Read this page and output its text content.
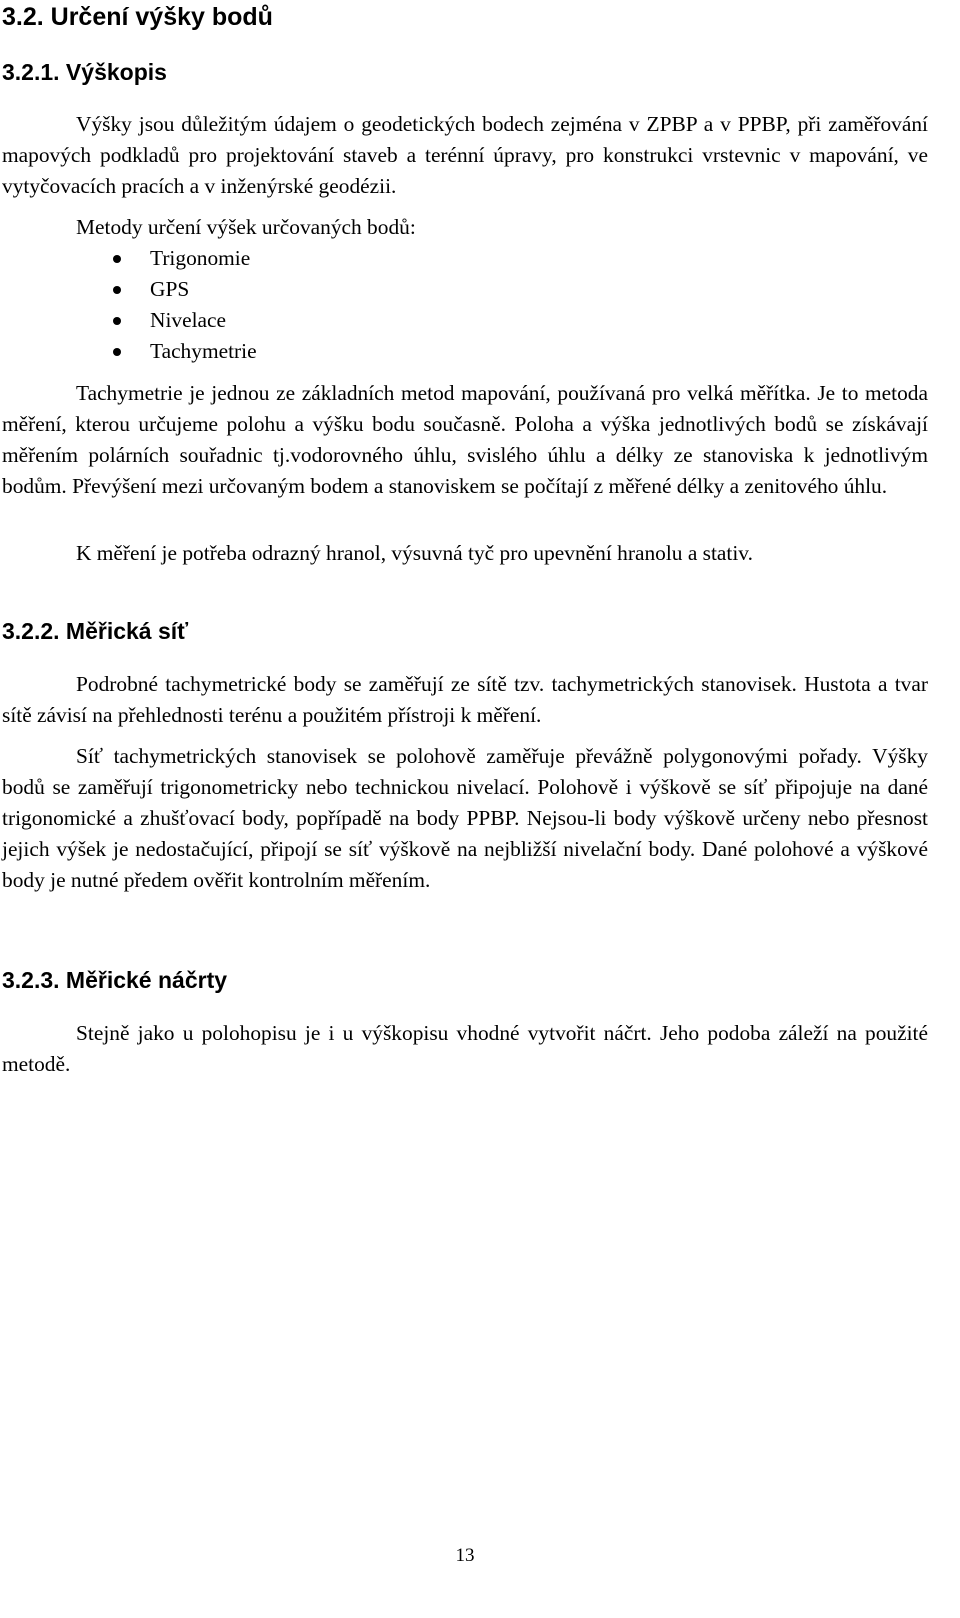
3.2. Určení výšky bodů
3.2.1. Výškopis

Výšky jsou důležitým údajem o geodetických bodech zejména v ZPBP a v PPBP, při zaměřování mapových podkladů pro projektování staveb a terénní úpravy, pro konstrukci vrstevnic v mapování, ve vytyčovacích pracích a v inženýrské geodézii.

Metody určení výšek určovaných bodů:

Trigonomie
GPS
Nivelace
Tachymetrie

Tachymetrie je jednou ze základních metod mapování, používaná pro velká měřítka. Je to metoda měření, kterou určujeme polohu a výšku bodu současně. Poloha a výška jednotlivých bodů se získávají měřením polárních souřadnic tj.vodorovného úhlu, svislého úhlu a délky ze stanoviska k jednotlivým bodům. Převýšení mezi určovaným bodem a stanoviskem se počítají z měřené délky a zenitového úhlu.

K měření je potřeba odrazný hranol, výsuvná tyč pro upevnění hranolu a stativ.

3.2.2. Měřická síť

Podrobné tachymetrické body se zaměřují ze sítě tzv. tachymetrických stanovisek. Hustota a tvar sítě závisí na přehlednosti terénu a použitém přístroji k měření.

Síť tachymetrických stanovisek se polohově zaměřuje převážně polygonovými pořady. Výšky bodů se zaměřují trigonometricky nebo technickou nivelací. Polohově i výškově se síť připojuje na dané trigonomické a zhušťovací body, popřípadě na body PPBP. Nejsou-li body výškově určeny nebo přesnost jejich výšek je nedostačující, připojí se síť výškově na nejbližší nivelační body. Dané polohové a výškové body je nutné předem ověřit kontrolním měřením.

3.2.3. Měřické náčrty

Stejně jako u polohopisu je i u výškopisu vhodné vytvořit náčrt. Jeho podoba záleží na použité metodě.

13
